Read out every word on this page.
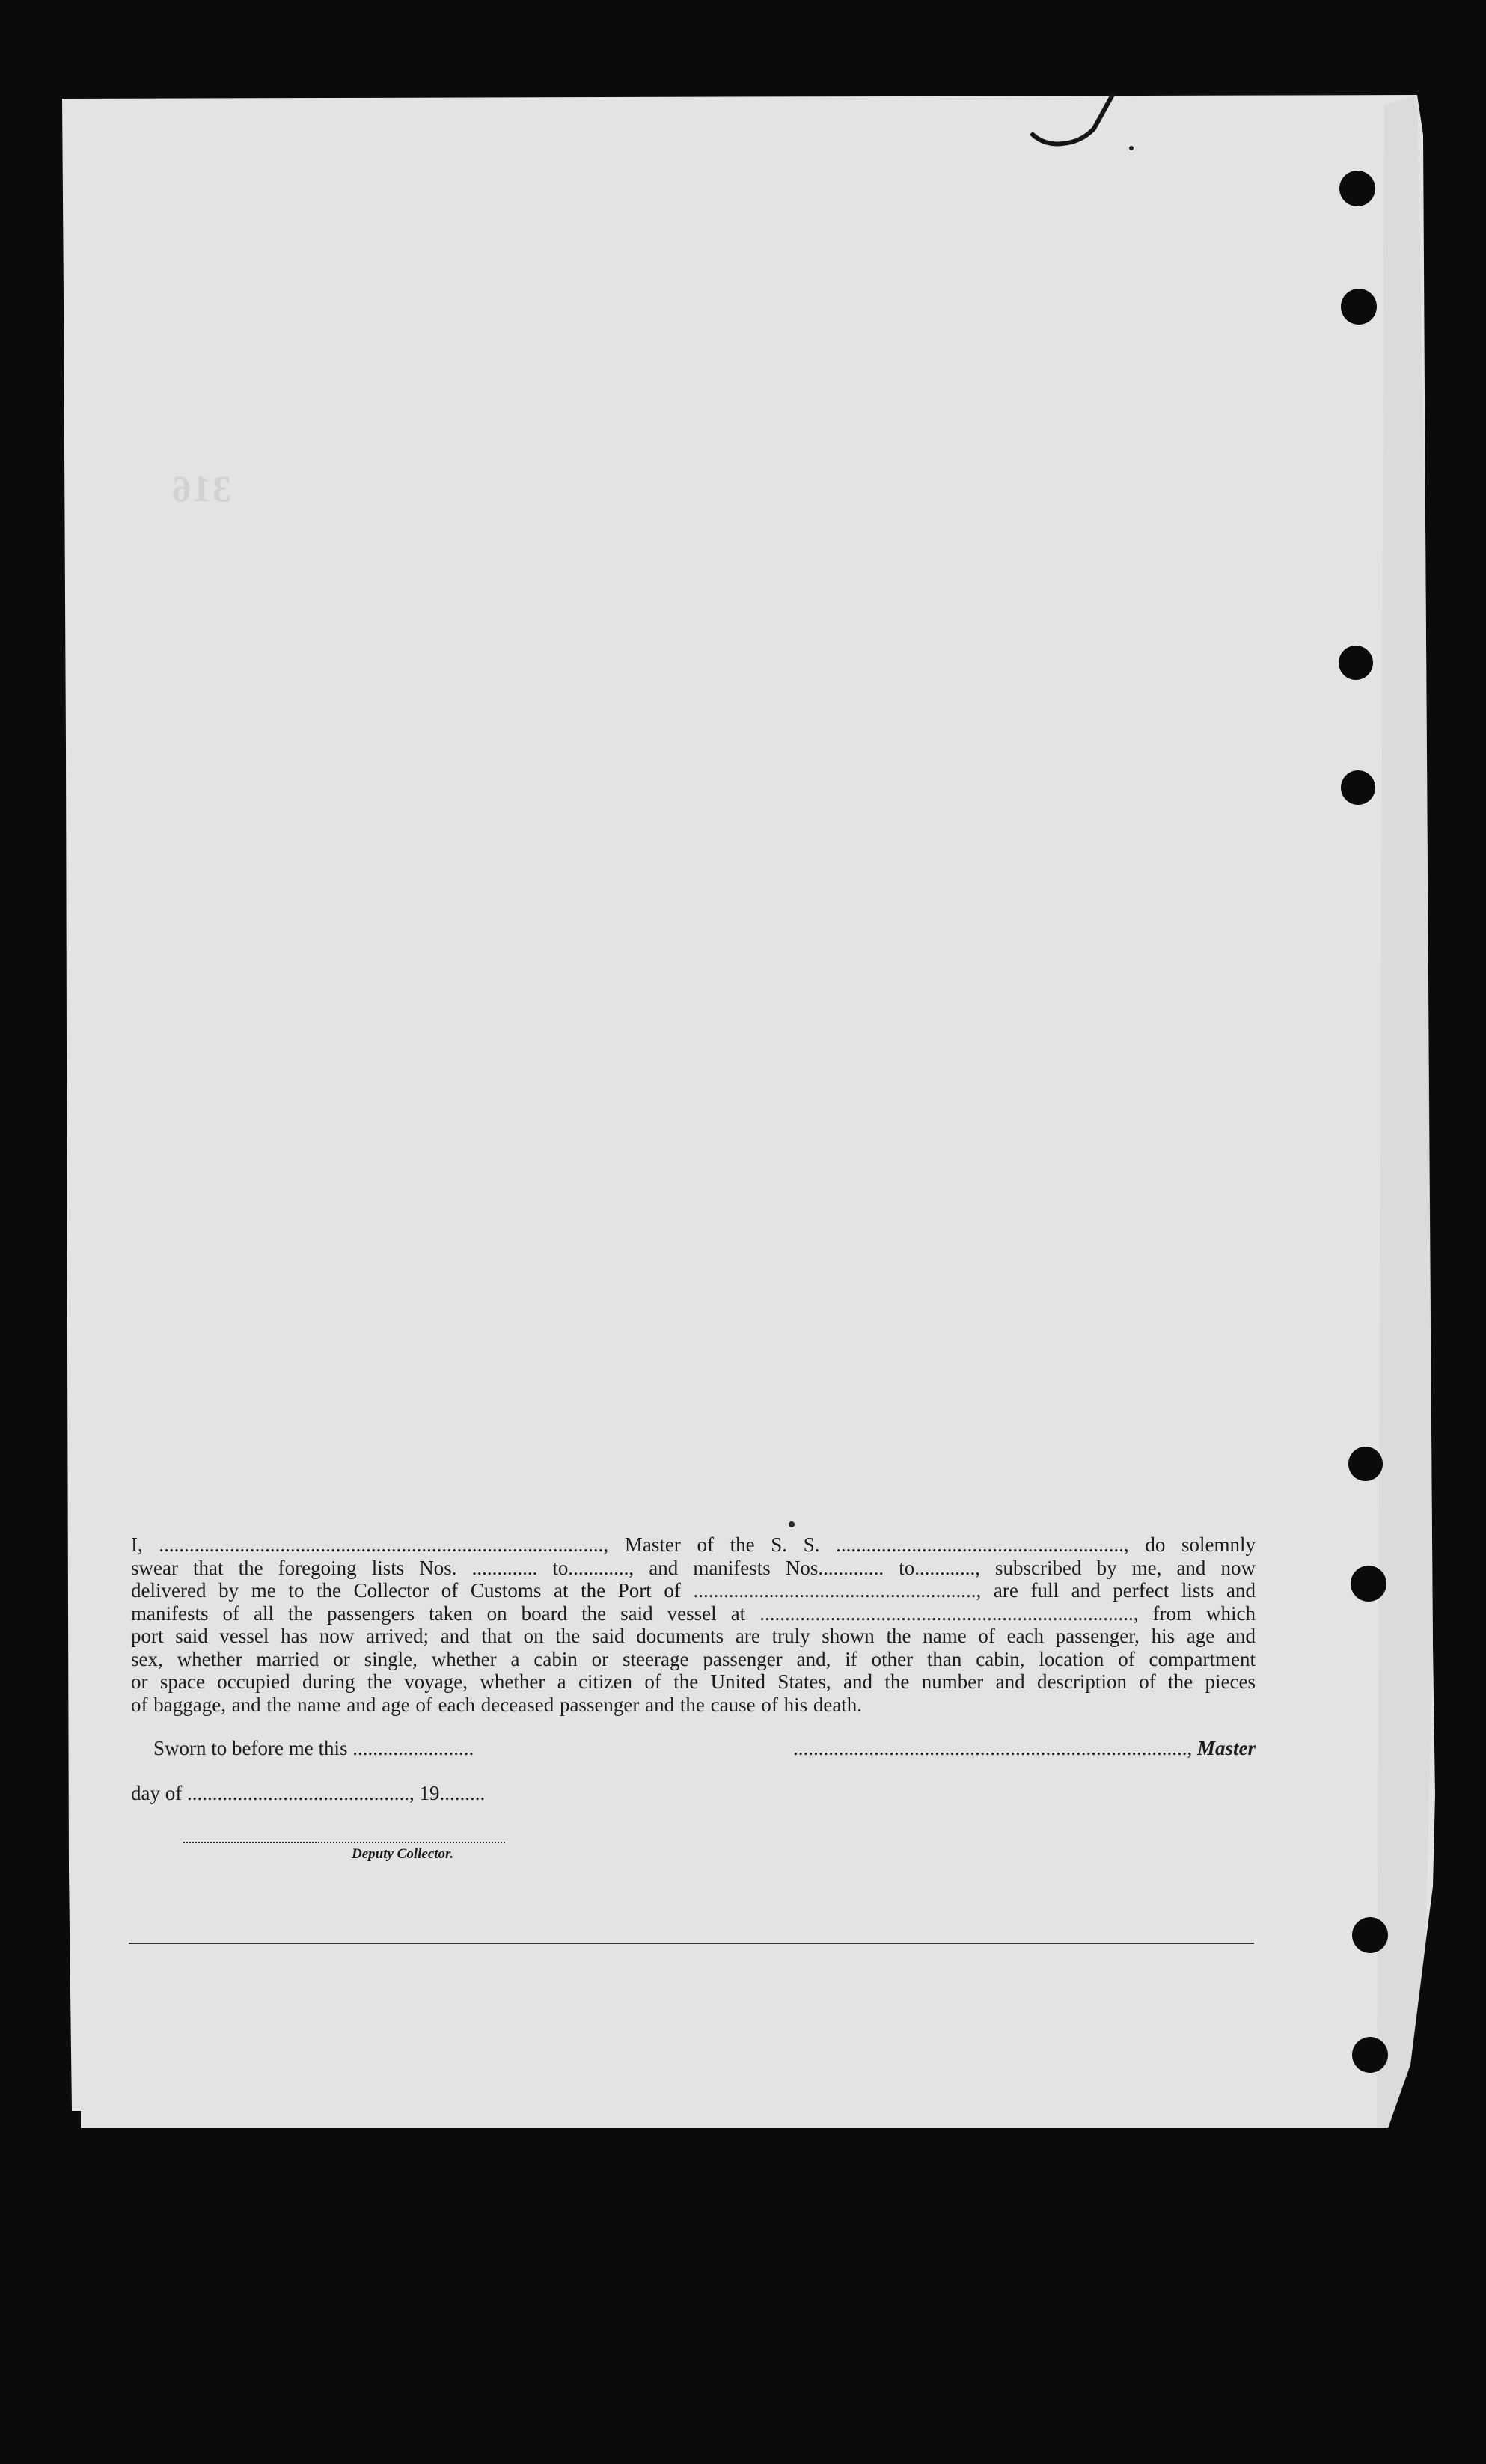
316
I, ........................................................................................, Master of the S. S. ........................................................., do solemnly
swear that the foregoing lists Nos. ............. to............, and manifests Nos............. to............, subscribed by me, and now
delivered by me to the Collector of Customs at the Port of ........................................................, are full and perfect lists and
manifests of all the passengers taken on board the said vessel at .........................................................................., from which
port said vessel has now arrived; and that on the said documents are truly shown the name of each passenger, his age and
sex, whether married or single, whether a cabin or steerage passenger and, if other than cabin, location of compartment
or space occupied during the voyage, whether a citizen of the United States, and the number and description of the pieces
of baggage, and the name and age of each deceased passenger and the cause of his death.
Sworn to before me this ........................	.............................................................................., Master
day of ............................................, 19.........
Deputy Collector.
